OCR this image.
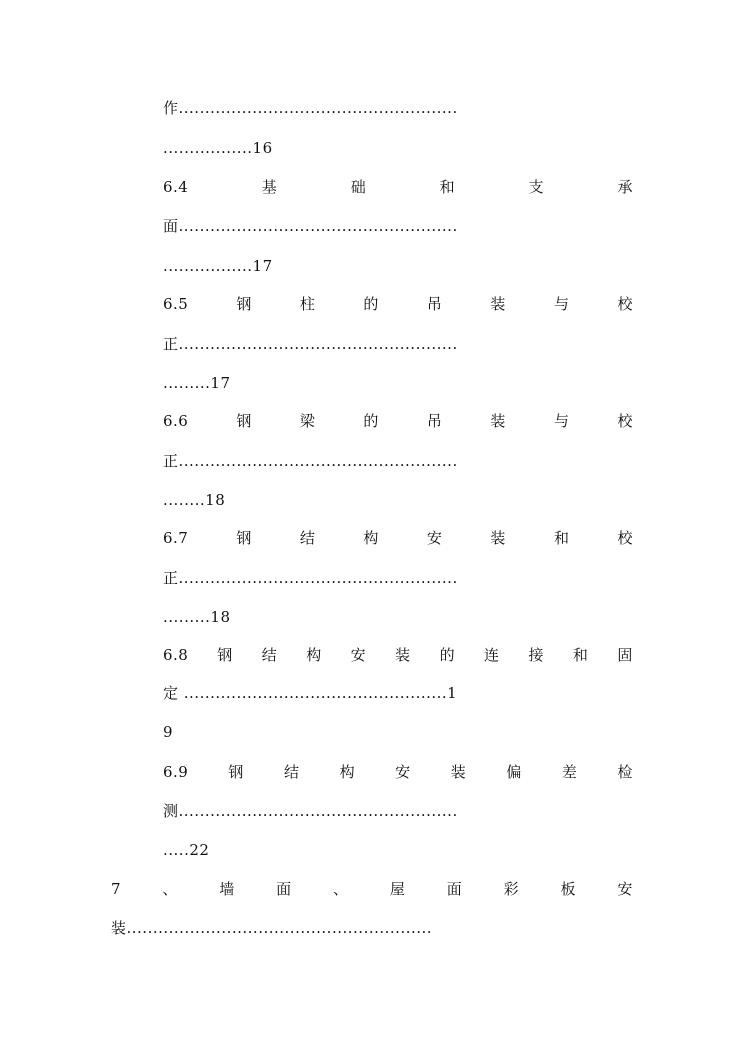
作.....................................................
.................16
6.4	基	础	和	支	承
面.....................................................
.................17
6.5	钢	柱	的	吊	装	与	校
正.....................................................
.........17
6.6	钢	梁	的	吊	装	与	校
正.....................................................
........18
6.7	钢	结	构	安	装	和	校
正.....................................................
.........18
6.8 钢 结 构 安 装 的 连 接 和 固
定 ..................................................1
9
6.9	钢	结	构	安	装	偏	差	检
测.....................................................
.....22
7	、	墙	面	、	屋	面	彩	板	安
装..........................................................
